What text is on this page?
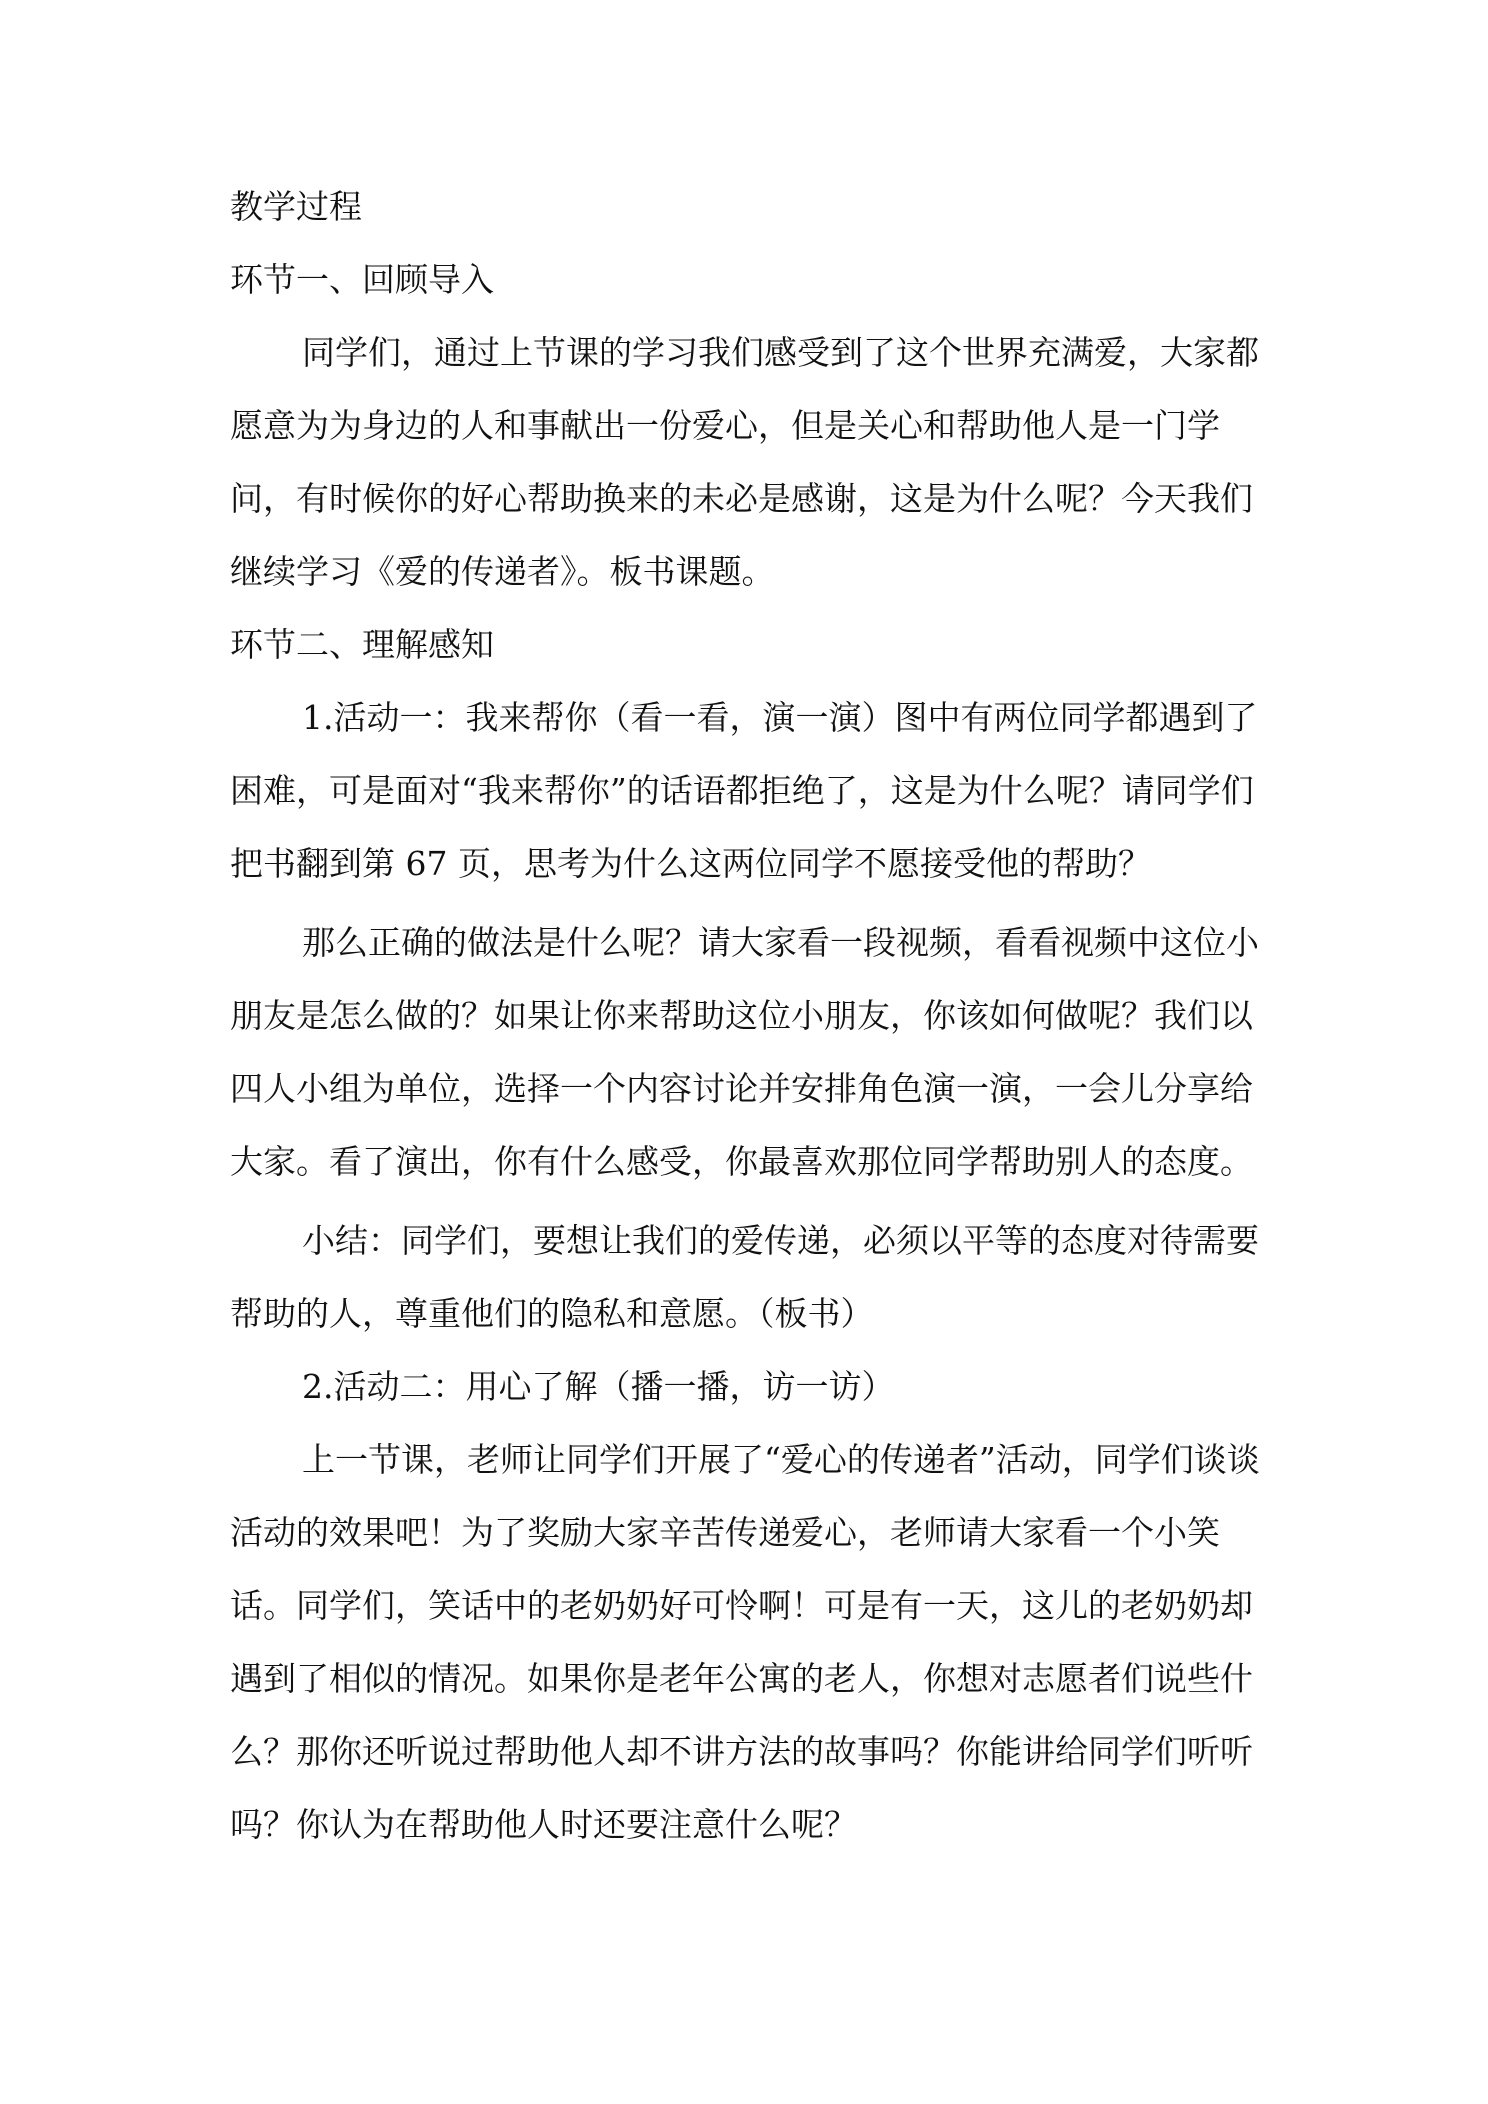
教学过程

环节一、回顾导入

同学们，通过上节课的学习我们感受到了这个世界充满爱，大家都愿意为为身边的人和事献出一份爱心，但是关心和帮助他人是一门学问，有时候你的好心帮助换来的未必是感谢，这是为什么呢？今天我们继续学习《爱的传递者》。板书课题。

环节二、理解感知

1.活动一：我来帮你（看一看，演一演）图中有两位同学都遇到了困难，可是面对“我来帮你”的话语都拒绝了，这是为什么呢？请同学们把书翻到第 67 页，思考为什么这两位同学不愿接受他的帮助？

那么正确的做法是什么呢？请大家看一段视频，看看视频中这位小朋友是怎么做的？如果让你来帮助这位小朋友，你该如何做呢？我们以四人小组为单位，选择一个内容讨论并安排角色演一演，一会儿分享给大家。看了演出，你有什么感受，你最喜欢那位同学帮助别人的态度。

小结：同学们，要想让我们的爱传递，必须以平等的态度对待需要帮助的人，尊重他们的隐私和意愿。（板书）

2.活动二：用心了解（播一播，访一访）

上一节课，老师让同学们开展了“爱心的传递者”活动，同学们谈谈活动的效果吧！为了奖励大家辛苦传递爱心，老师请大家看一个小笑话。同学们，笑话中的老奶奶好可怜啊！可是有一天，这儿的老奶奶却遇到了相似的情况。如果你是老年公寓的老人，你想对志愿者们说些什么？那你还听说过帮助他人却不讲方法的故事吗？你能讲给同学们听听吗？你认为在帮助他人时还要注意什么呢？
